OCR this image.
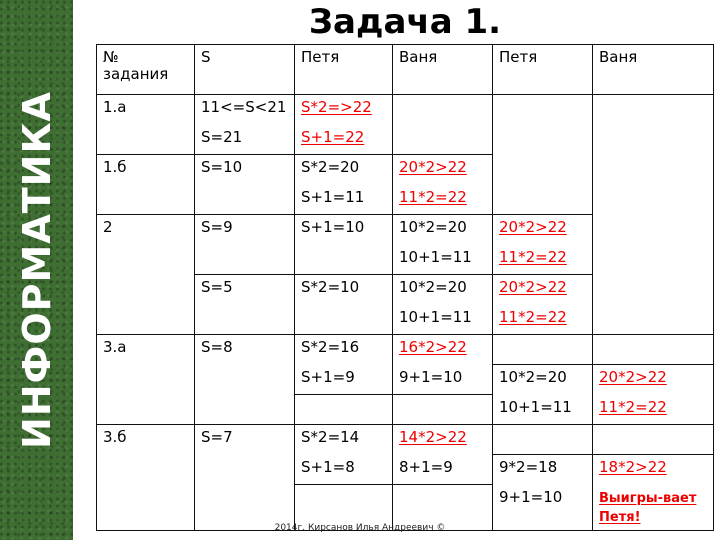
ИНФОРМАТИКА
Задача 1.
№ задания	S	Петя	Ваня	Петя	Ваня
1.а	11<=S<21	S*2=>22			
	S=21	S+1=22			
1.б	S=10	S*2=20	20*2>22		
		S+1=11	11*2=22		
2	S=9	S+1=10	10*2=20	20*2>22	
			10+1=11	11*2=22	
	S=5	S*2=10	10*2=20	20*2>22	
			10+1=11	11*2=22	
3.а	S=8	S*2=16	16*2>22		
		S+1=9	9+1=10	10*2=20	20*2>22
				10+1=11	11*2=22
3.б	S=7	S*2=14	14*2>22		
		S+1=8	8+1=9	9*2=18	18*2>22
				9+1=10	Выигры-вает Петя!
2014г. Кирсанов Илья Андреевич ©
